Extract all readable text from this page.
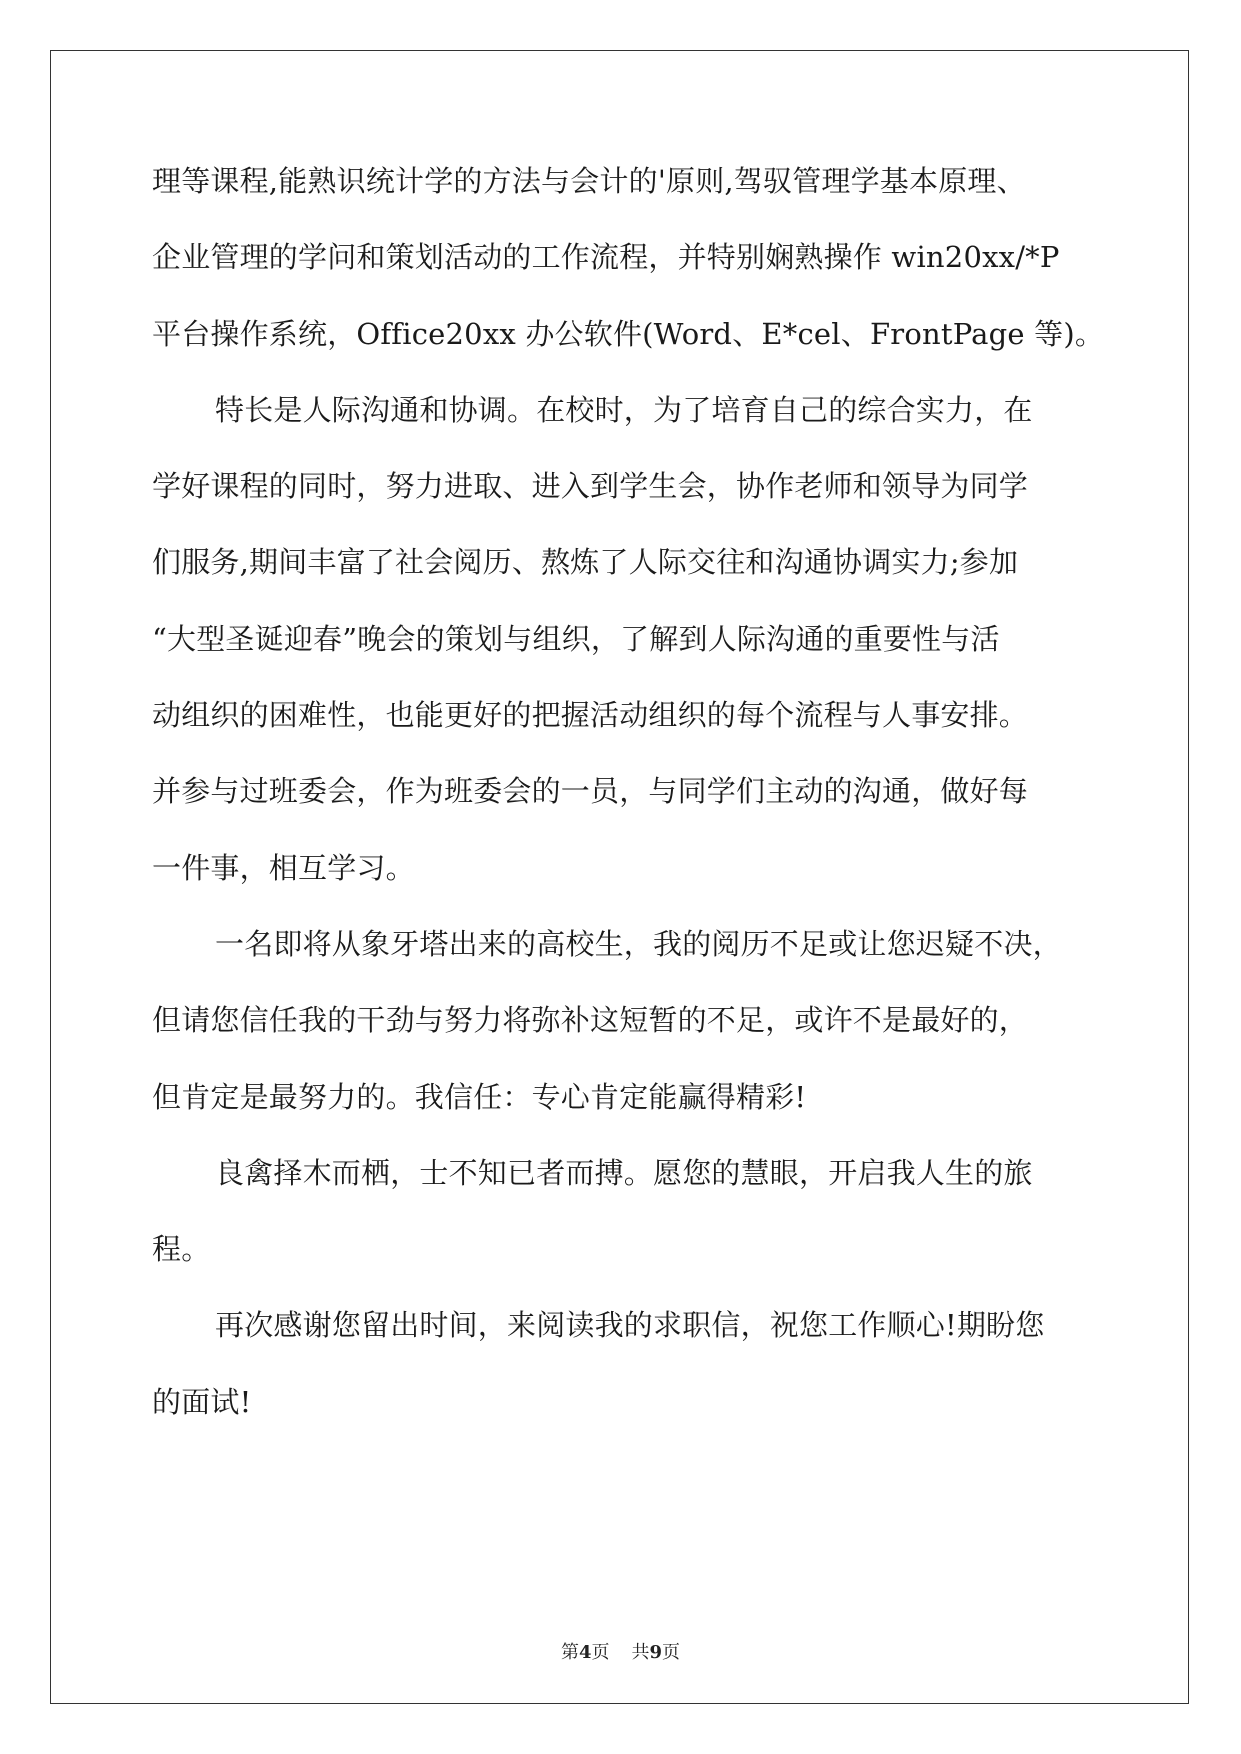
理等课程,能熟识统计学的方法与会计的'原则,驾驭管理学基本原理、
企业管理的学问和策划活动的工作流程，并特别娴熟操作 win20xx/*P
平台操作系统，Office20xx 办公软件(Word、E*cel、FrontPage 等)。
特长是人际沟通和协调。在校时，为了培育自己的综合实力，在
学好课程的同时，努力进取、进入到学生会，协作老师和领导为同学
们服务,期间丰富了社会阅历、熬炼了人际交往和沟通协调实力;参加
“大型圣诞迎春”晚会的策划与组织，了解到人际沟通的重要性与活
动组织的困难性，也能更好的把握活动组织的每个流程与人事安排。
并参与过班委会，作为班委会的一员，与同学们主动的沟通，做好每
一件事，相互学习。
一名即将从象牙塔出来的高校生，我的阅历不足或让您迟疑不决，
但请您信任我的干劲与努力将弥补这短暂的不足，或许不是最好的，
但肯定是最努力的。我信任：专心肯定能赢得精彩!
良禽择木而栖，士不知已者而搏。愿您的慧眼，开启我人生的旅
程。
再次感谢您留出时间，来阅读我的求职信，祝您工作顺心!期盼您
的面试!
第4页 共9页
